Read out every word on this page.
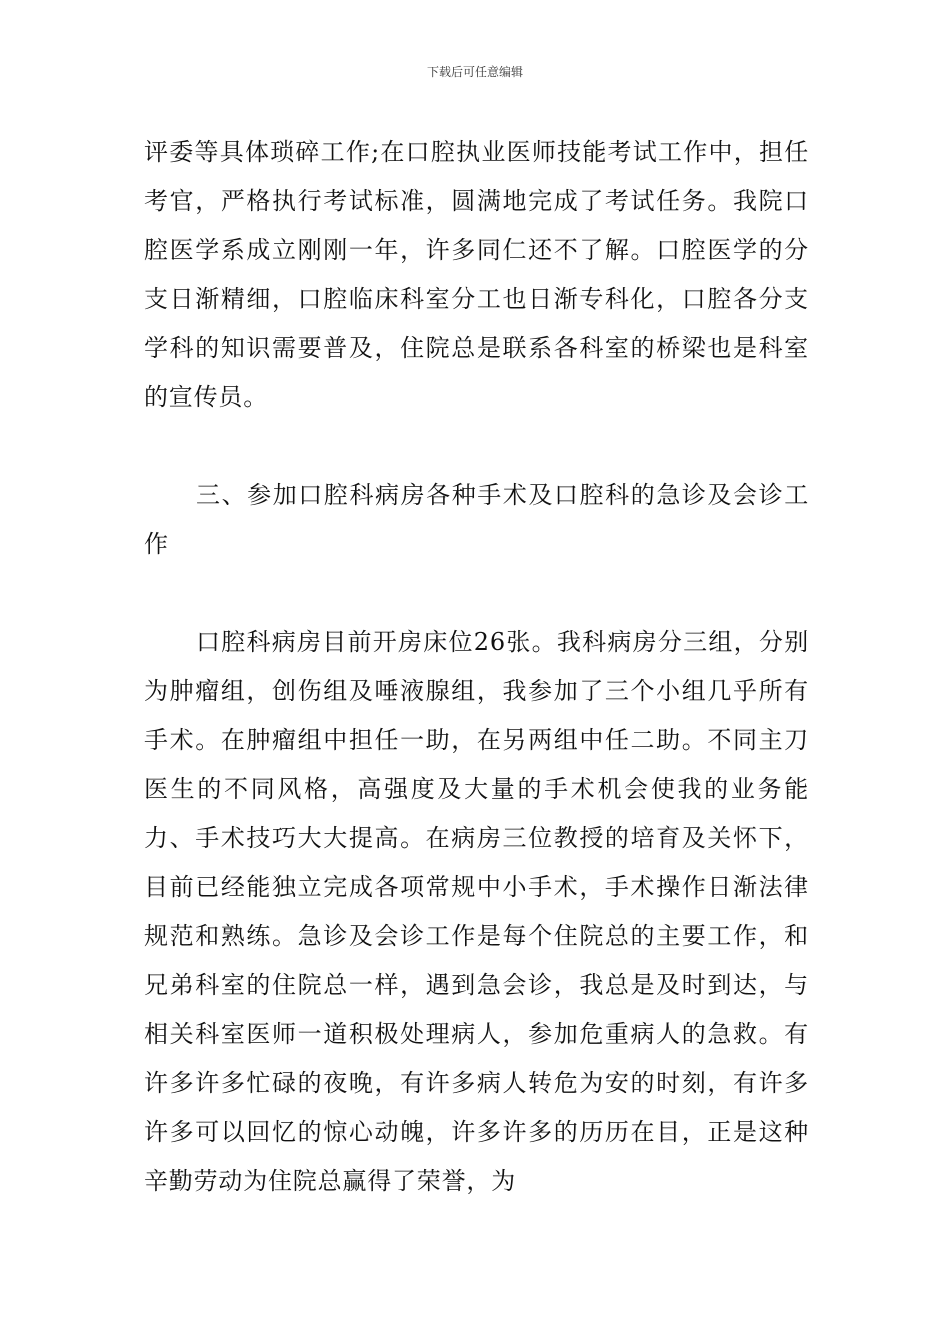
下载后可任意编辑

评委等具体琐碎工作;在口腔执业医师技能考试工作中，担任考官，严格执行考试标准，圆满地完成了考试任务。我院口腔医学系成立刚刚一年，许多同仁还不了解。口腔医学的分支日渐精细，口腔临床科室分工也日渐专科化，口腔各分支学科的知识需要普及，住院总是联系各科室的桥梁也是科室的宣传员。

三、参加口腔科病房各种手术及口腔科的急诊及会诊工作

口腔科病房目前开房床位26张。我科病房分三组，分别为肿瘤组，创伤组及唾液腺组，我参加了三个小组几乎所有手术。在肿瘤组中担任一助，在另两组中任二助。不同主刀医生的不同风格，高强度及大量的手术机会使我的业务能力、手术技巧大大提高。在病房三位教授的培育及关怀下，目前已经能独立完成各项常规中小手术，手术操作日渐法律规范和熟练。急诊及会诊工作是每个住院总的主要工作，和兄弟科室的住院总一样，遇到急会诊，我总是及时到达，与相关科室医师一道积极处理病人，参加危重病人的急救。有许多许多忙碌的夜晚，有许多病人转危为安的时刻，有许多许多可以回忆的惊心动魄，许多许多的历历在目，正是这种辛勤劳动为住院总赢得了荣誉，为
